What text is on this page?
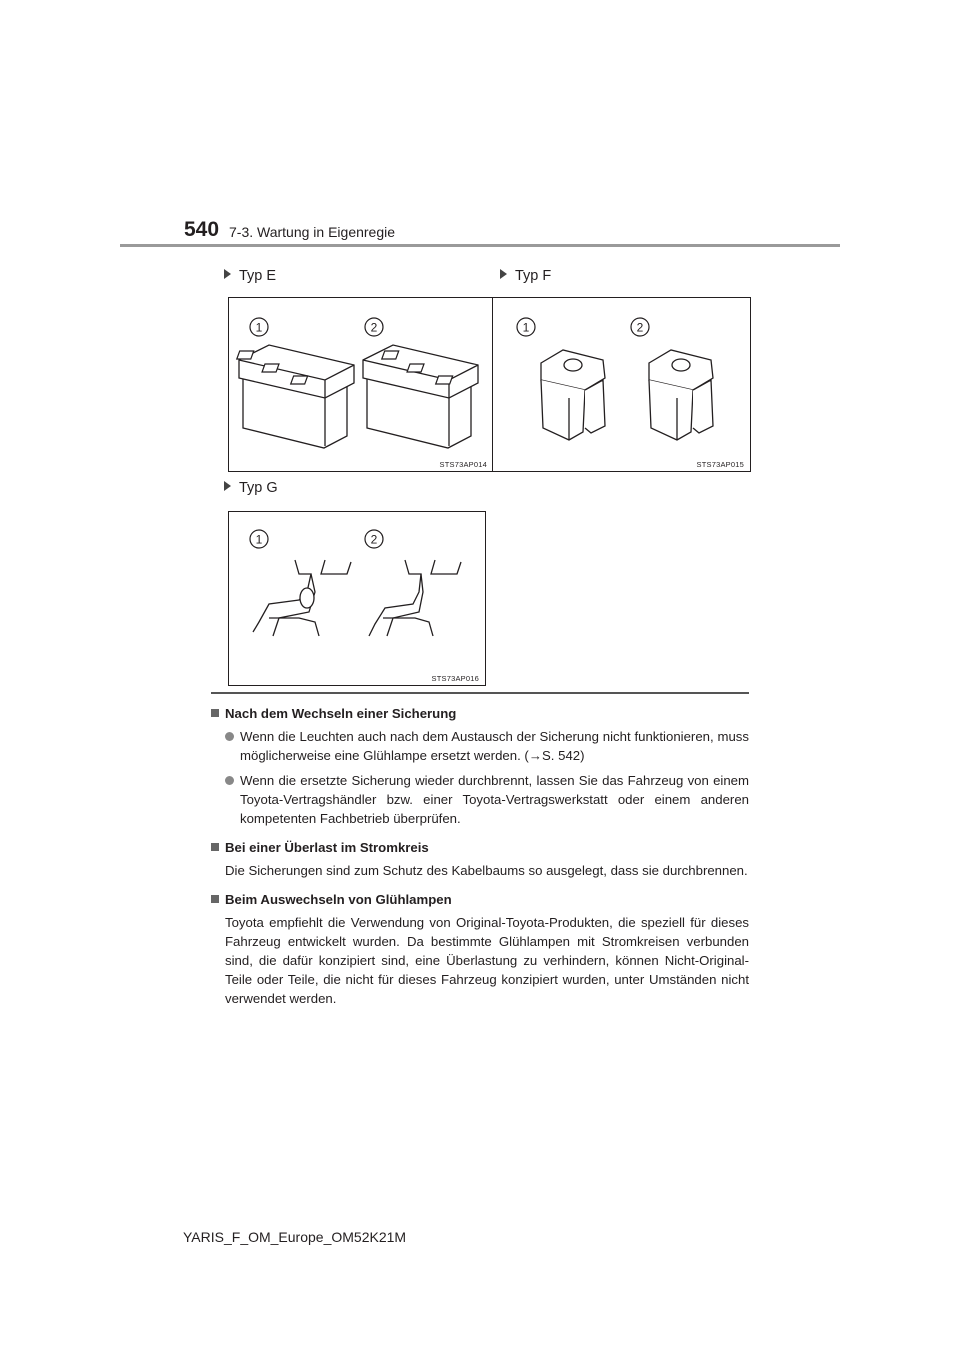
540 7-3. Wartung in Eigenregie
Typ E	Typ F
Typ G
1	2
STS73AP014
1	2
STS73AP015
1	2
STS73AP016
Nach dem Wechseln einer Sicherung
Wenn die Leuchten auch nach dem Austausch der Sicherung nicht funktionieren, muss möglicherweise eine Glühlampe ersetzt werden. (→S. 542)
Wenn die ersetzte Sicherung wieder durchbrennt, lassen Sie das Fahrzeug von einem Toyota-Vertragshändler bzw. einer Toyota-Vertragswerkstatt oder einem anderen kompetenten Fachbetrieb überprüfen.
Bei einer Überlast im Stromkreis
Die Sicherungen sind zum Schutz des Kabelbaums so ausgelegt, dass sie durchbrennen.
Beim Auswechseln von Glühlampen
Toyota empfiehlt die Verwendung von Original-Toyota-Produkten, die speziell für dieses Fahrzeug entwickelt wurden. Da bestimmte Glühlampen mit Stromkreisen verbunden sind, die dafür konzipiert sind, eine Überlastung zu verhindern, können Nicht-Original-Teile oder Teile, die nicht für dieses Fahrzeug konzipiert wurden, unter Umständen nicht verwendet werden.
YARIS_F_OM_Europe_OM52K21M
